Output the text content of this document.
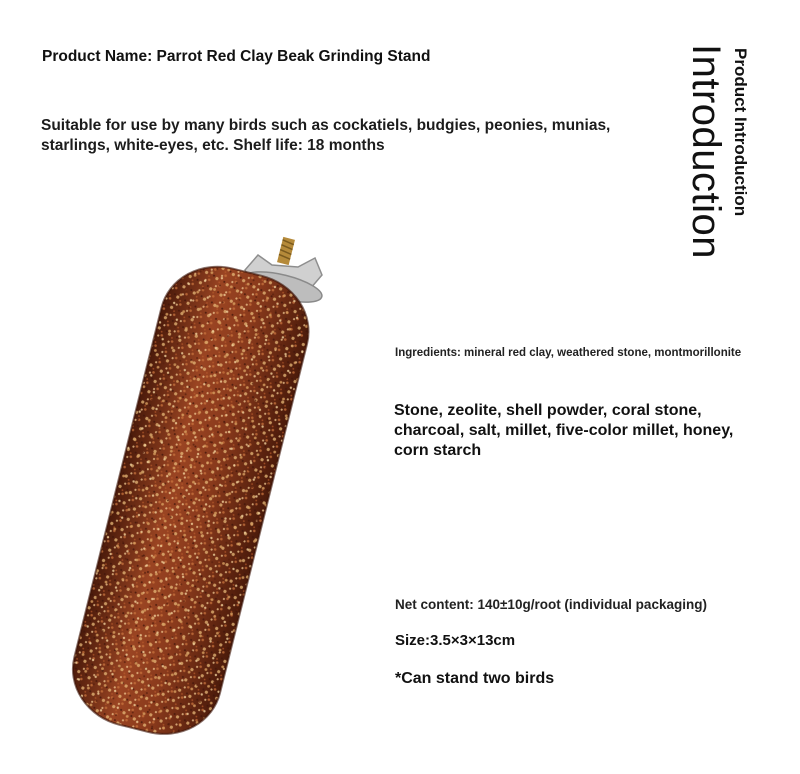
Product Name: Parrot Red Clay Beak Grinding Stand
Suitable for use by many birds such as cockatiels, budgies, peonies, munias, starlings, white-eyes, etc. Shelf life: 18 months	Introduction Product Introduction
Ingredients: mineral red clay, weathered stone, montmorillonite
Stone, zeolite, shell powder, coral stone, charcoal, salt, millet, five-color millet, honey, corn starch
Net content: 140±10g/root (individual packaging)
Size:3.5×3×13cm
*Can stand two birds
